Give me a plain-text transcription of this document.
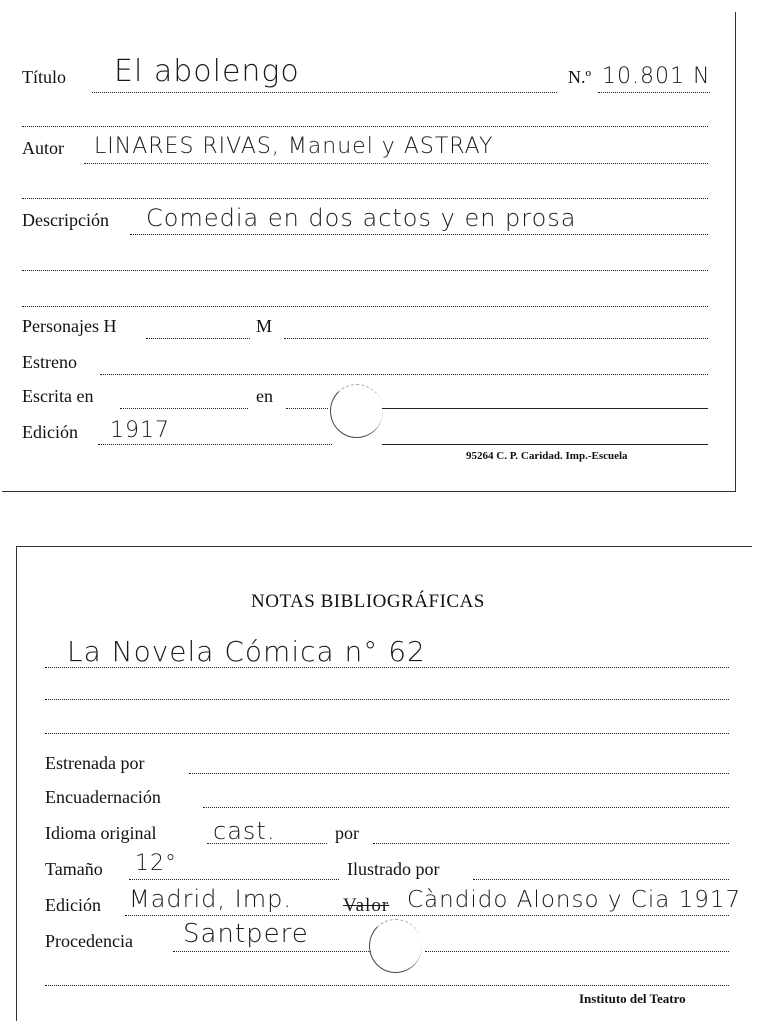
Título El abolengo	N.º 10.801 N
Autor LINARES RIVAS, Manuel y ASTRAY
Descripción Comedia en dos actos y en prosa
Personajes H	M
Estreno
Escrita en	en
Edición 1917
95264 C. P. Caridad. Imp.-Escuela
NOTAS BIBLIOGRÁFICAS
La Novela Cómica n° 62
Estrenada por
Encuadernación
Idioma original cast.	por
Tamaño 12°	Ilustrado por
Edición Madrid, Imp.	Valor Càndido Alonso y Cia 1917
Procedencia Santpere
Instituto del Teatro
